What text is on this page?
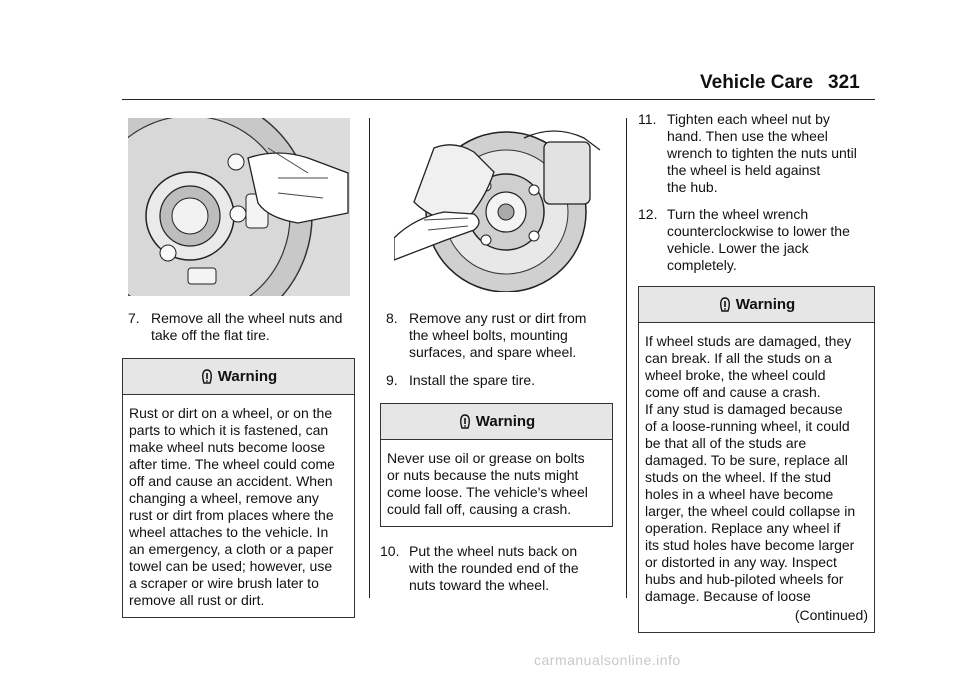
Vehicle Care 321
7. Remove all the wheel nuts and
take off the flat tire.
Warning
Rust or dirt on a wheel, or on the
parts to which it is fastened, can
make wheel nuts become loose
after time. The wheel could come
off and cause an accident. When
changing a wheel, remove any
rust or dirt from places where the
wheel attaches to the vehicle. In
an emergency, a cloth or a paper
towel can be used; however, use
a scraper or wire brush later to
remove all rust or dirt.
8. Remove any rust or dirt from
the wheel bolts, mounting
surfaces, and spare wheel.
9. Install the spare tire.
Warning
Never use oil or grease on bolts
or nuts because the nuts might
come loose. The vehicle's wheel
could fall off, causing a crash.
10. Put the wheel nuts back on
with the rounded end of the
nuts toward the wheel.
11. Tighten each wheel nut by
hand. Then use the wheel
wrench to tighten the nuts until
the wheel is held against
the hub.
12. Turn the wheel wrench
counterclockwise to lower the
vehicle. Lower the jack
completely.
Warning
If wheel studs are damaged, they
can break. If all the studs on a
wheel broke, the wheel could
come off and cause a crash.
If any stud is damaged because
of a loose-running wheel, it could
be that all of the studs are
damaged. To be sure, replace all
studs on the wheel. If the stud
holes in a wheel have become
larger, the wheel could collapse in
operation. Replace any wheel if
its stud holes have become larger
or distorted in any way. Inspect
hubs and hub-piloted wheels for
damage. Because of loose
(Continued)
carmanualsonline.info
